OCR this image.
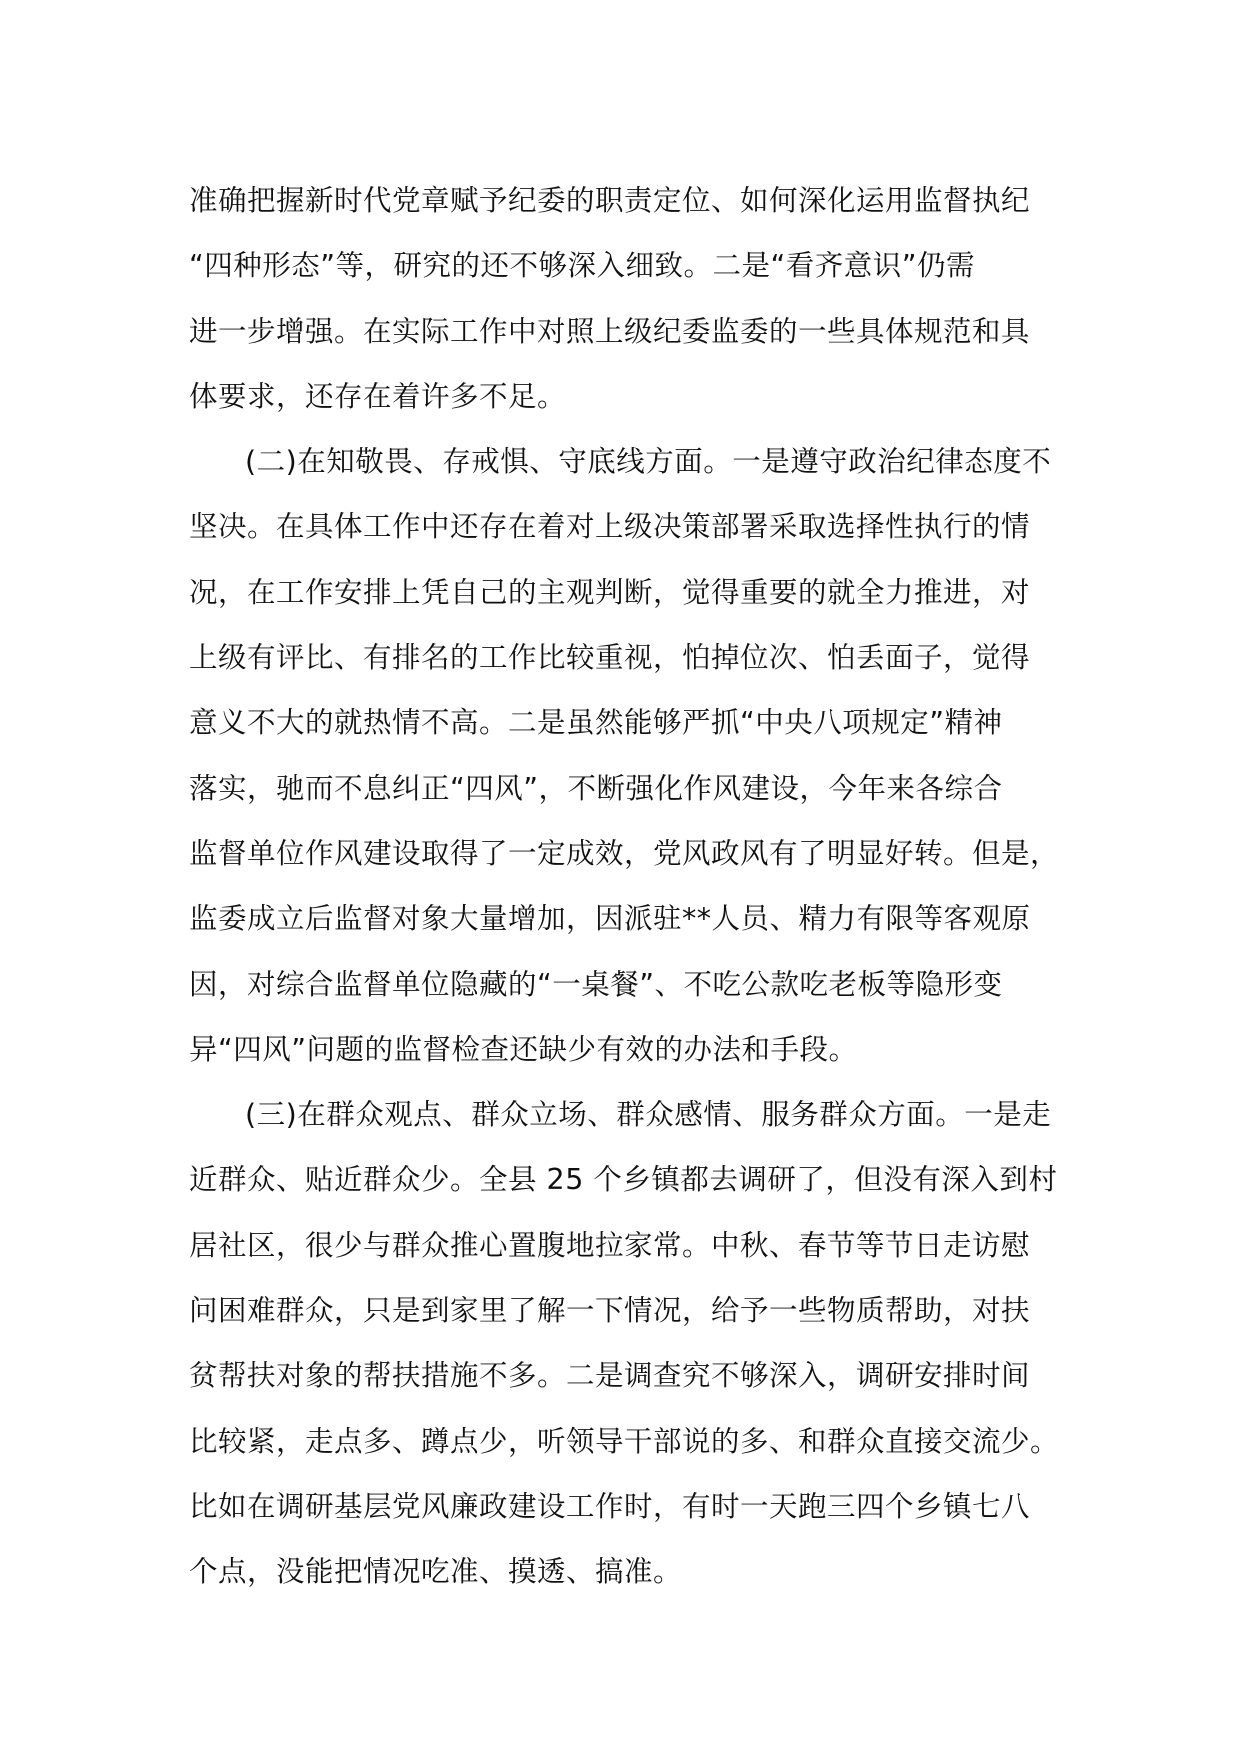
准确把握新时代党章赋予纪委的职责定位、如何深化运用监督执纪
“四种形态”等，研究的还不够深入细致。二是“看齐意识”仍需
进一步增强。在实际工作中对照上级纪委监委的一些具体规范和具
体要求，还存在着许多不足。
(二)在知敬畏、存戒惧、守底线方面。一是遵守政治纪律态度不
坚决。在具体工作中还存在着对上级决策部署采取选择性执行的情
况，在工作安排上凭自己的主观判断，觉得重要的就全力推进，对
上级有评比、有排名的工作比较重视，怕掉位次、怕丢面子，觉得
意义不大的就热情不高。二是虽然能够严抓“中央八项规定”精神
落实，驰而不息纠正“四风”，不断强化作风建设，今年来各综合
监督单位作风建设取得了一定成效，党风政风有了明显好转。但是，
监委成立后监督对象大量增加，因派驻**人员、精力有限等客观原
因，对综合监督单位隐藏的“一桌餐”、不吃公款吃老板等隐形变
异“四风”问题的监督检查还缺少有效的办法和手段。
(三)在群众观点、群众立场、群众感情、服务群众方面。一是走
近群众、贴近群众少。全县 25 个乡镇都去调研了，但没有深入到村
居社区，很少与群众推心置腹地拉家常。中秋、春节等节日走访慰
问困难群众，只是到家里了解一下情况，给予一些物质帮助，对扶
贫帮扶对象的帮扶措施不多。二是调查究不够深入，调研安排时间
比较紧，走点多、蹲点少，听领导干部说的多、和群众直接交流少。
比如在调研基层党风廉政建设工作时，有时一天跑三四个乡镇七八
个点，没能把情况吃准、摸透、搞准。
